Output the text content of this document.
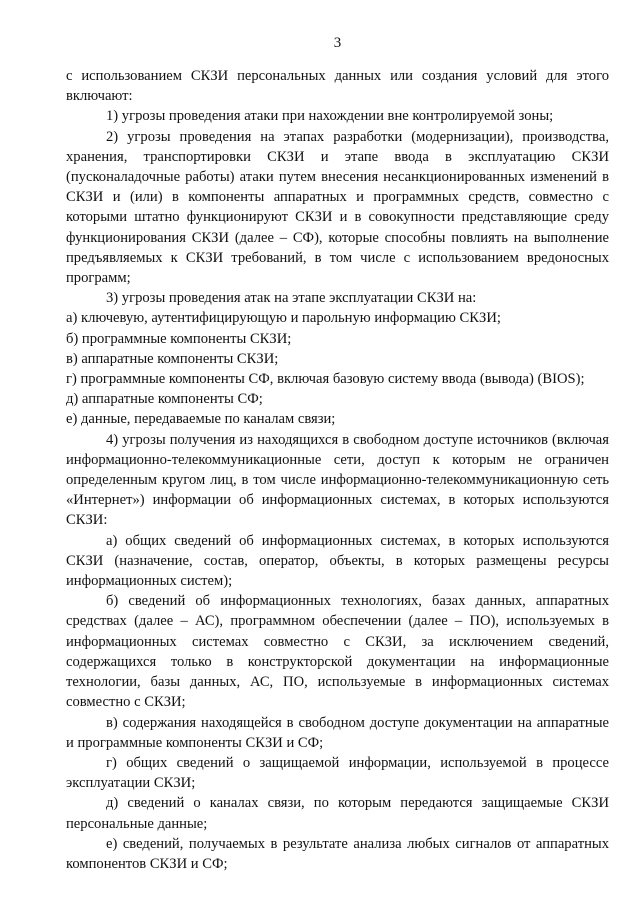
3

с использованием СКЗИ персональных данных или создания условий для этого включают:

1) угрозы проведения атаки при нахождении вне контролируемой зоны;

2) угрозы проведения на этапах разработки (модернизации), производства, хранения, транспортировки СКЗИ и этапе ввода в эксплуатацию СКЗИ (пусконаладочные работы) атаки путем внесения несанкционированных изменений в СКЗИ и (или) в компоненты аппаратных и программных средств, совместно с которыми штатно функционируют СКЗИ и в совокупности представляющие среду функционирования СКЗИ (далее – СФ), которые способны повлиять на выполнение предъявляемых к СКЗИ требований, в том числе с использованием вредоносных программ;

3) угрозы проведения атак на этапе эксплуатации СКЗИ на:

а) ключевую, аутентифицирующую и парольную информацию СКЗИ;

б) программные компоненты СКЗИ;

в) аппаратные компоненты СКЗИ;

г) программные компоненты СФ, включая базовую систему ввода (вывода) (BIOS);

д) аппаратные компоненты СФ;

е) данные, передаваемые по каналам связи;

4) угрозы получения из находящихся в свободном доступе источников (включая информационно-телекоммуникационные сети, доступ к которым не ограничен определенным кругом лиц, в том числе информационно-телекоммуникационную сеть «Интернет») информации об информационных системах, в которых используются СКЗИ:

а) общих сведений об информационных системах, в которых используются СКЗИ (назначение, состав, оператор, объекты, в которых размещены ресурсы информационных систем);

б) сведений об информационных технологиях, базах данных, аппаратных средствах (далее – АС), программном обеспечении (далее – ПО), используемых в информационных системах совместно с СКЗИ, за исключением сведений, содержащихся только в конструкторской документации на информационные технологии, базы данных, АС, ПО, используемые в информационных системах совместно с СКЗИ;

в) содержания находящейся в свободном доступе документации на аппаратные и программные компоненты СКЗИ и СФ;

г) общих сведений о защищаемой информации, используемой в процессе эксплуатации СКЗИ;

д) сведений о каналах связи, по которым передаются защищаемые СКЗИ персональные данные;

е) сведений, получаемых в результате анализа любых сигналов от аппаратных компонентов СКЗИ и СФ;
